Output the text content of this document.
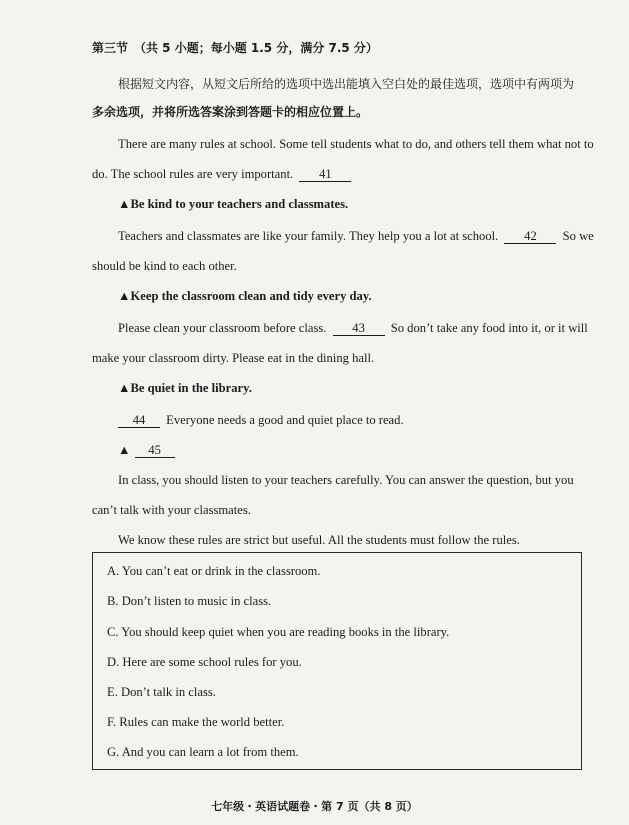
第三节　（共 5 小题；每小题 1.5 分，满分 7.5 分）
根据短文内容，从短文后所给的选项中选出能填入空白处的最佳选项，选项中有两项为
多余选项，并将所选答案涂到答题卡的相应位置上。
There are many rules at school. Some tell students what to do, and others tell them what not to
do. The school rules are very important. 41
▲Be kind to your teachers and classmates.
Teachers and classmates are like your family. They help you a lot at school. 42 So we
should be kind to each other.
▲Keep the classroom clean and tidy every day.
Please clean your classroom before class. 43 So don’t take any food into it, or it will
make your classroom dirty. Please eat in the dining hall.
▲Be quiet in the library.
44 Everyone needs a good and quiet place to read.
▲ 45
In class, you should listen to your teachers carefully. You can answer the question, but you
can’t talk with your classmates.
We know these rules are strict but useful. All the students must follow the rules.
A. You can’t eat or drink in the classroom.
B. Don’t listen to music in class.
C. You should keep quiet when you are reading books in the library.
D. Here are some school rules for you.
E. Don’t talk in class.
F. Rules can make the world better.
G. And you can learn a lot from them.
七年级・英语试题卷・第 7 页（共 8 页）
